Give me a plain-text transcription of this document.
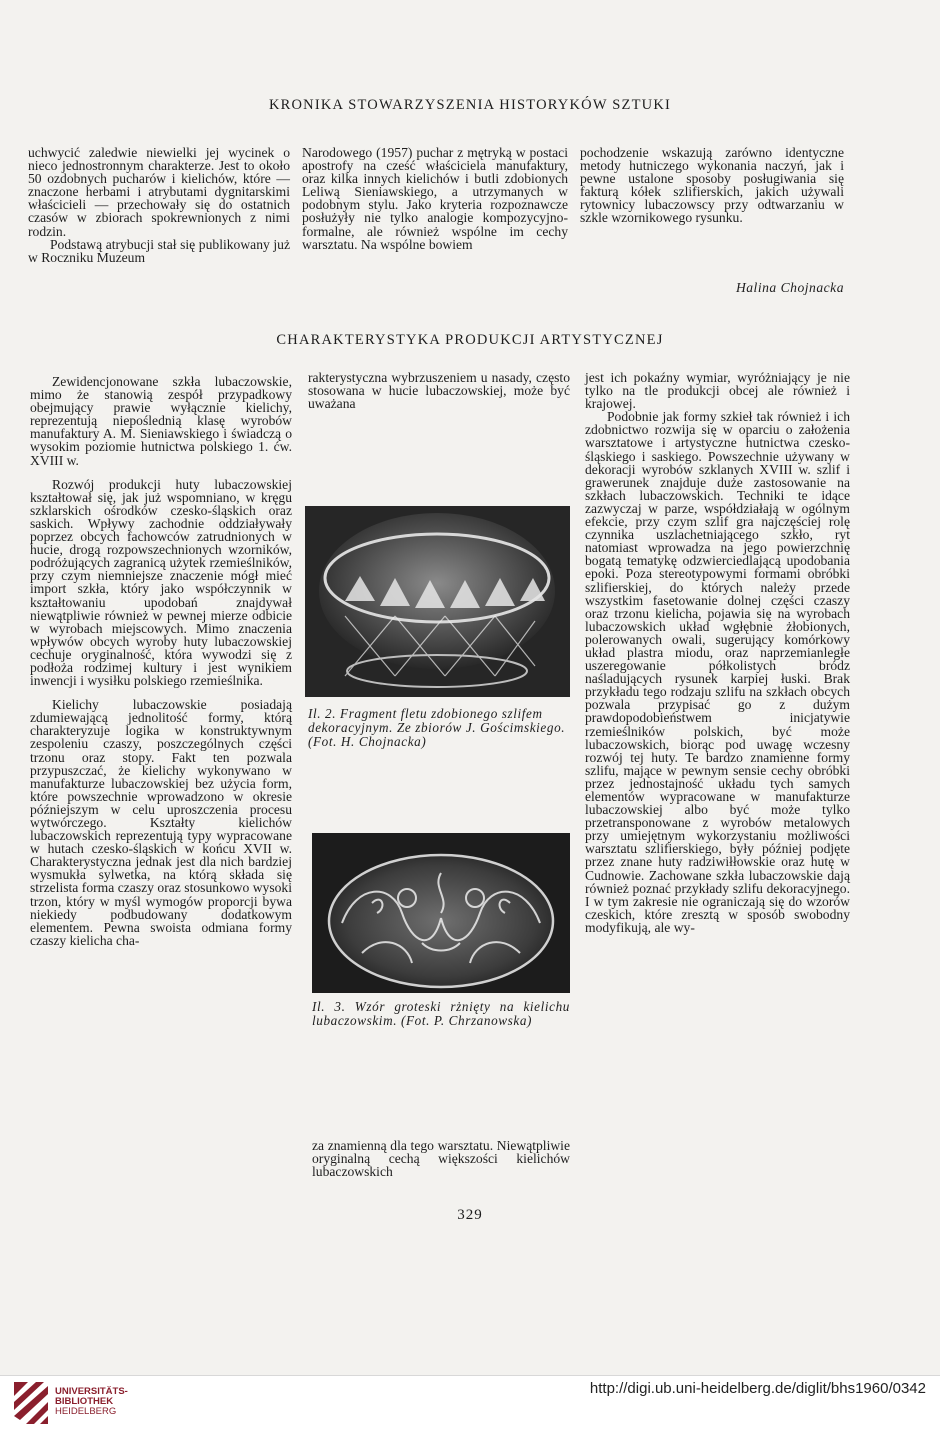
KRONIKA STOWARZYSZENIA HISTORYKÓW SZTUKI

uchwycić zaledwie niewielki jej wycinek o nieco jednostronnym charakterze. Jest to około 50 ozdobnych pucharów i kielichów, które — znaczone herbami i atrybutami dygnitarskimi właścicieli — przechowały się do ostatnich czasów w zbiorach spokrewnionych z nimi rodzin.

Podstawą atrybucji stał się publikowany już w Roczniku Muzeum

Narodowego (1957) puchar z mętryką w postaci apostrofy na cześć właściciela manufaktury, oraz kilka innych kielichów i butli zdobionych Leliwą Sieniawskiego, a utrzymanych w podobnym stylu. Jako kryteria rozpoznawcze posłużyły nie tylko analogie kompozycyjno-formalne, ale również wspólne im cechy warsztatu. Na wspólne bowiem

pochodzenie wskazują zarówno identyczne metody hutniczego wykonania naczyń, jak i pewne ustalone sposoby posługiwania się fakturą kółek szlifierskich, jakich używali rytownicy lubaczowscy przy odtwarzaniu w szkle wzornikowego rysunku.

Halina Chojnacka
CHARAKTERYSTYKA PRODUKCJI ARTYSTYCZNEJ

Zewidencjonowane szkła lubaczowskie, mimo że stanowią zespół przypadkowy obejmujący prawie wyłącznie kielichy, reprezentują niepoślednią klasę wyrobów manufaktury A. M. Sieniawskiego i świadczą o wysokim poziomie hutnictwa polskiego 1. ćw. XVIII w.

Rozwój produkcji huty lubaczowskiej kształtował się, jak już wspomniano, w kręgu szklarskich ośrodków czesko-śląskich oraz saskich. Wpływy zachodnie oddziaływały poprzez obcych fachowców zatrudnionych w hucie, drogą rozpowszechnionych wzorników, podróżujących zagranicą użytek rzemieślników, przy czym niemniejsze znaczenie mógł mieć import szkła, który jako współczynnik w kształtowaniu upodobań znajdywał niewątpliwie również w pewnej mierze odbicie w wyrobach miejscowych. Mimo znaczenia wpływów obcych wyroby huty lubaczowskiej cechuje oryginalność, która wywodzi się z podłoża rodzimej kultury i jest wynikiem inwencji i wysiłku polskiego rzemieślnika.

Kielichy lubaczowskie posiadają zdumiewającą jednolitość formy, którą charakteryzuje logika w konstruktywnym zespoleniu czaszy, poszczególnych części trzonu oraz stopy. Fakt ten pozwala przypuszczać, że kielichy wykonywano w manufakturze lubaczowskiej bez użycia form, które powszechnie wprowadzono w okresie późniejszym w celu uproszczenia procesu wytwórczego. Kształty kielichów lubaczowskich reprezentują typy wypracowane w hutach czesko-śląskich w końcu XVII w. Charakterystyczna jednak jest dla nich bardziej wysmukła sylwetka, na którą składa się strzelista forma czaszy oraz stosunkowo wysoki trzon, który w myśl wymogów proporcji bywa niekiedy podbudowany dodatkowym elementem. Pewna swoista odmiana formy czaszy kielicha cha-

rakterystyczna wybrzuszeniem u nasady, często stosowana w hucie lubaczowskiej, może być uważana

Il. 2. Fragment fletu zdobionego szlifem dekoracyjnym. Ze zbiorów J. Gościmskiego. (Fot. H. Chojnacka)
Il. 3. Wzór groteski rżnięty na kielichu lubaczowskim. (Fot. P. Chrzanowska)

za znamienną dla tego warsztatu. Niewątpliwie oryginalną cechą większości kielichów lubaczowskich

jest ich pokaźny wymiar, wyróżniający je nie tylko na tle produkcji obcej ale również i krajowej.

Podobnie jak formy szkieł tak również i ich zdobnictwo rozwija się w oparciu o założenia warsztatowe i artystyczne hutnictwa czesko-śląskiego i saskiego. Powszechnie używany w dekoracji wyrobów szklanych XVIII w. szlif i grawerunek znajduje duże zastosowanie na szkłach lubaczowskich. Techniki te idące zazwyczaj w parze, współdziałają w ogólnym efekcie, przy czym szlif gra najczęściej rolę czynnika uszlachetniającego szkło, ryt natomiast wprowadza na jego powierzchnię bogatą tematykę odzwierciedlającą upodobania epoki. Poza stereotypowymi formami obróbki szlifierskiej, do których należy przede wszystkim fasetowanie dolnej części czaszy oraz trzonu kielicha, pojawia się na wyrobach lubaczowskich układ wgłębnie żłobionych, polerowanych owali, sugerujący komórkowy układ plastra miodu, oraz naprzemianległe uszeregowanie półkolistych bródz naśladujących rysunek karpiej łuski. Brak przykładu tego rodzaju szlifu na szkłach obcych pozwala przypisać go z dużym prawdopodobieństwem inicjatywie rzemieślników polskich, być może lubaczowskich, biorąc pod uwagę wczesny rozwój tej huty. Te bardzo znamienne formy szlifu, mające w pewnym sensie cechy obróbki przez jednostajność układu tych samych elementów wypracowane w manufakturze lubaczowskiej albo być może tylko przetransponowane z wyrobów metalowych przy umiejętnym wykorzystaniu możliwości warsztatu szlifierskiego, były później podjęte przez znane huty radziwiłłowskie oraz hutę w Cudnowie. Zachowane szkła lubaczowskie dają również poznać przykłady szlifu dekoracyjnego. I w tym zakresie nie ograniczają się do wzorów czeskich, które zresztą w sposób swobodny modyfikują, ale wy-

329
UNIVERSITÄTS-
BIBLIOTHEK
HEIDELBERG
http://digi.ub.uni-heidelberg.de/diglit/bhs1960/0342
